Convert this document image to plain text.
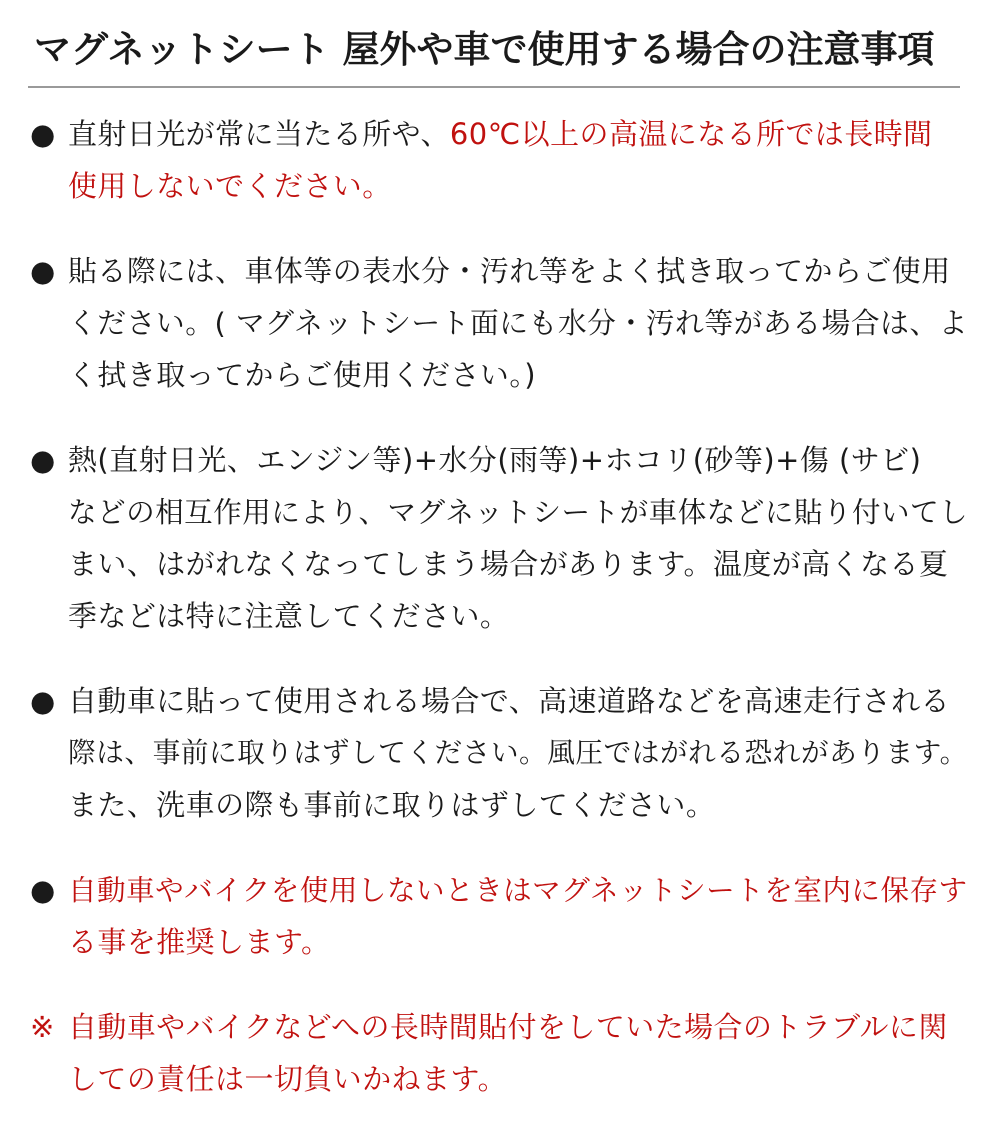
マグネットシート 屋外や車で使用する場合の注意事項
● 直射日光が常に当たる所や、60℃以上の高温になる所では長時間
使用しないでください。
● 貼る際には、車体等の表水分・汚れ等をよく拭き取ってからご使用
ください。( マグネットシート面にも水分・汚れ等がある場合は、よ
く拭き取ってからご使用ください。)
● 熱(直射日光、エンジン等)+水分(雨等)+ホコリ(砂等)+傷 (サビ)
などの相互作用により、マグネットシートが車体などに貼り付いてし
まい、はがれなくなってしまう場合があります。温度が高くなる夏
季などは特に注意してください。
● 自動車に貼って使用される場合で、高速道路などを高速走行される
際は、事前に取りはずしてください。風圧ではがれる恐れがあります。
また、洗車の際も事前に取りはずしてください。
● 自動車やバイクを使用しないときはマグネットシートを室内に保存す
る事を推奨します。
※ 自動車やバイクなどへの長時間貼付をしていた場合のトラブルに関
しての責任は一切負いかねます。
